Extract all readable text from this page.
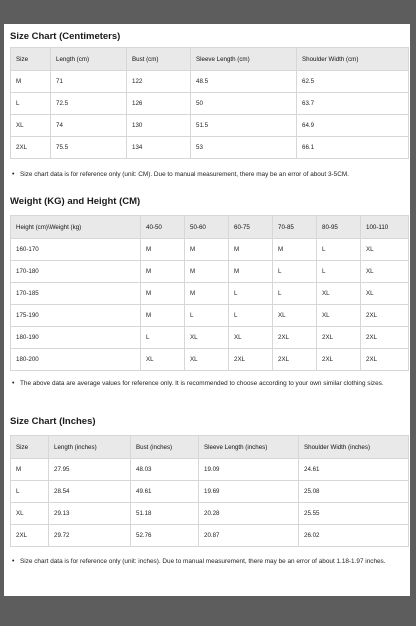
Size Chart (Centimeters)
Size	Length (cm)	Bust (cm)	Sleeve Length (cm)	Shoulder Width (cm)
M	71	122	48.5	62.5
L	72.5	126	50	63.7
XL	74	130	51.5	64.9
2XL	75.5	134	53	66.1
• Size chart data is for reference only (unit: CM). Due to manual measurement, there may be an error of about 3-5CM.
Weight (KG) and Height (CM)
Height (cm)\Weight (kg)	40-50	50-60	60-75	70-85	80-95	100-110
160-170	M	M	M	M	L	XL
170-180	M	M	M	L	L	XL
170-185	M	M	L	L	XL	XL
175-190	M	L	L	XL	XL	2XL
180-190	L	XL	XL	2XL	2XL	2XL
180-200	XL	XL	2XL	2XL	2XL	2XL
• The above data are average values for reference only. It is recommended to choose according to your own similar clothing sizes.
Size Chart (Inches)
Size	Length (inches)	Bust (inches)	Sleeve Length (inches)	Shoulder Width (inches)
M	27.95	48.03	19.09	24.61
L	28.54	49.61	19.69	25.08
XL	29.13	51.18	20.28	25.55
2XL	29.72	52.76	20.87	26.02
• Size chart data is for reference only (unit: inches). Due to manual measurement, there may be an error of about 1.18-1.97 inches.
